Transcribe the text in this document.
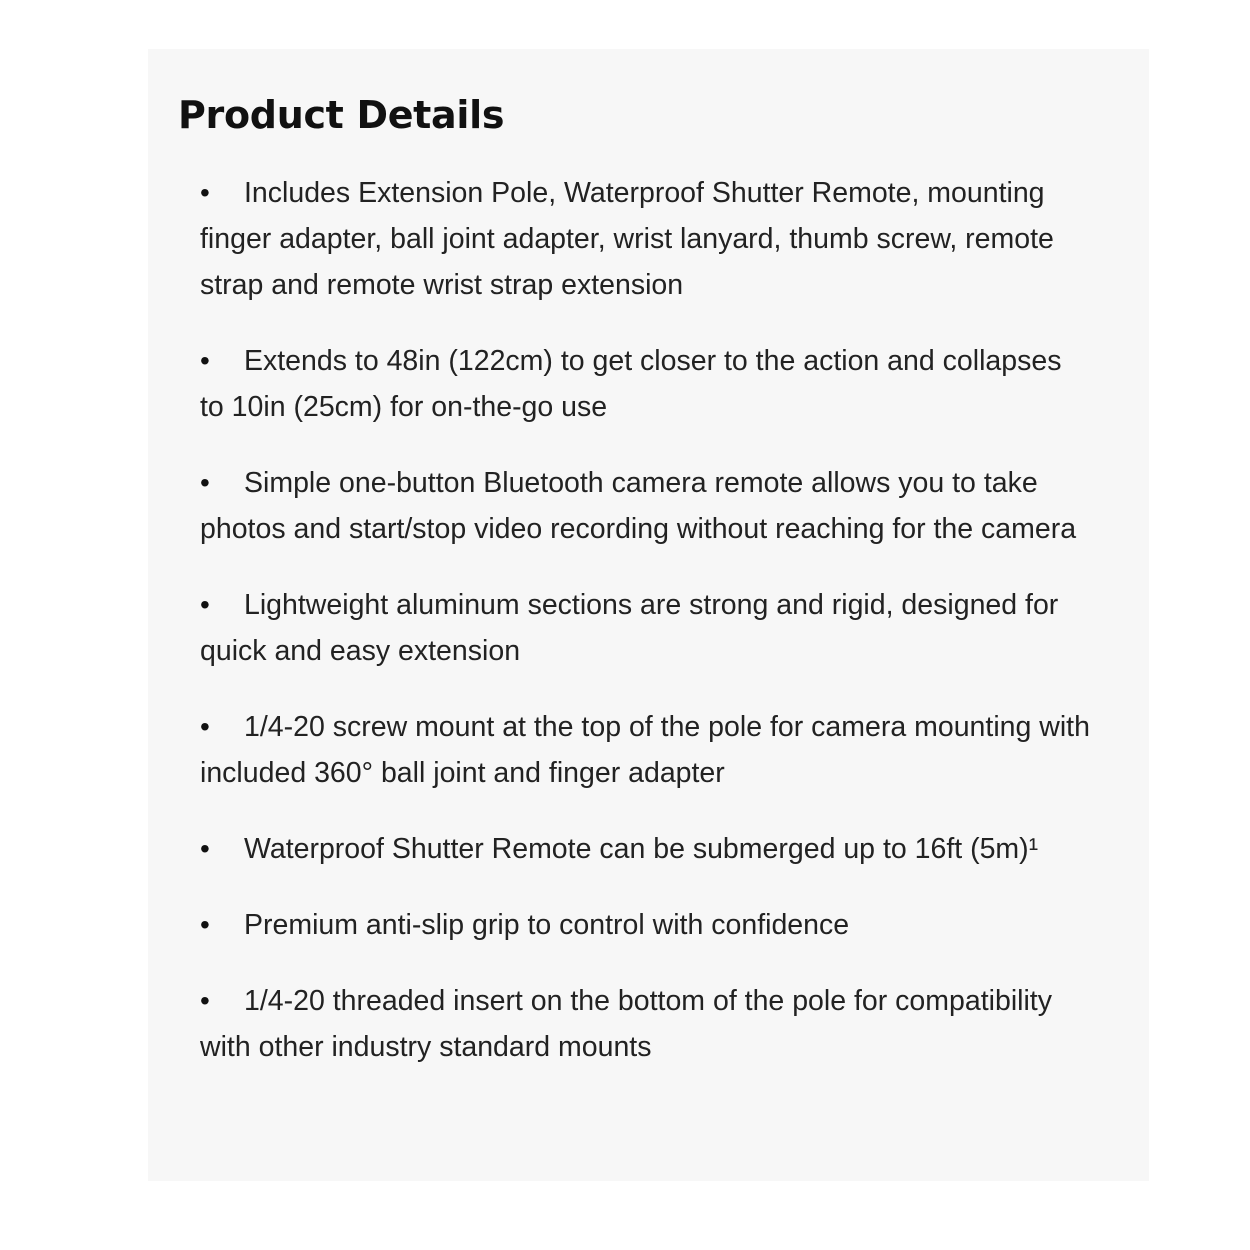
Product Details
• Includes Extension Pole, Waterproof Shutter Remote, mounting finger adapter, ball joint adapter, wrist lanyard, thumb screw, remote strap and remote wrist strap extension
• Extends to 48in (122cm) to get closer to the action and collapses to 10in (25cm) for on-the-go use
• Simple one-button Bluetooth camera remote allows you to take photos and start/stop video recording without reaching for the camera
• Lightweight aluminum sections are strong and rigid, designed for quick and easy extension
• 1/4-20 screw mount at the top of the pole for camera mounting with included 360° ball joint and finger adapter
• Waterproof Shutter Remote can be submerged up to 16ft (5m)¹
• Premium anti-slip grip to control with confidence
• 1/4-20 threaded insert on the bottom of the pole for compatibility with other industry standard mounts
